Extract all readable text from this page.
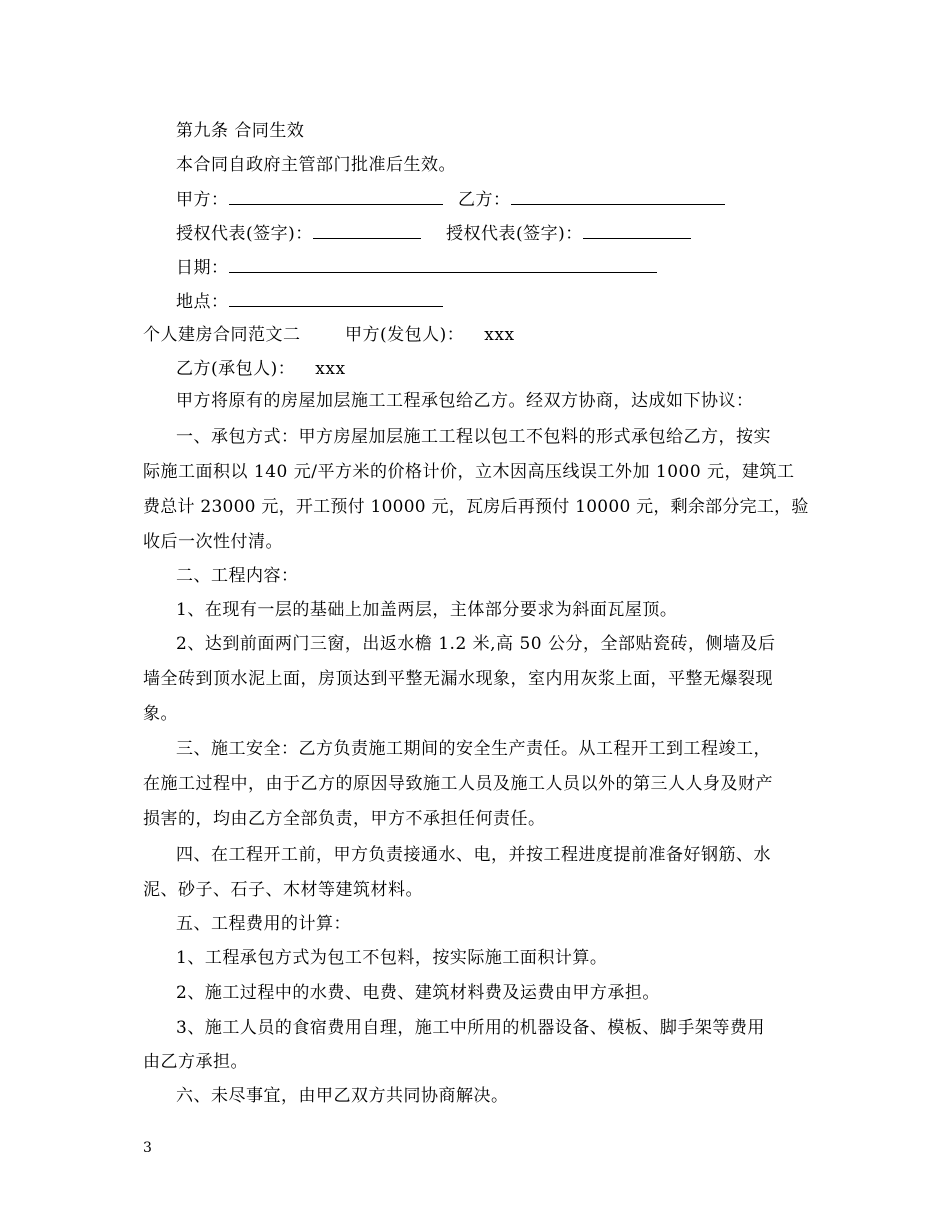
第九条 合同生效
本合同自政府主管部门批准后生效。
甲方：	乙方：
授权代表(签字)：	授权代表(签字)：
日期：
地点：
个人建房合同范文二	甲方(发包人)： xxx
乙方(承包人)： xxx
甲方将原有的房屋加层施工工程承包给乙方。经双方协商，达成如下协议：
一、承包方式：甲方房屋加层施工工程以包工不包料的形式承包给乙方，按实
际施工面积以 140 元/平方米的价格计价，立木因高压线误工外加 1000 元，建筑工
费总计 23000 元，开工预付 10000 元，瓦房后再预付 10000 元，剩余部分完工，验
收后一次性付清。
二、工程内容：
1、在现有一层的基础上加盖两层，主体部分要求为斜面瓦屋顶。
2、达到前面两门三窗，出返水檐 1.2 米,高 50 公分，全部贴瓷砖，侧墙及后
墙全砖到顶水泥上面，房顶达到平整无漏水现象，室内用灰浆上面，平整无爆裂现
象。
三、施工安全：乙方负责施工期间的安全生产责任。从工程开工到工程竣工，
在施工过程中，由于乙方的原因导致施工人员及施工人员以外的第三人人身及财产
损害的，均由乙方全部负责，甲方不承担任何责任。
四、在工程开工前，甲方负责接通水、电，并按工程进度提前准备好钢筋、水
泥、砂子、石子、木材等建筑材料。
五、工程费用的计算：
1、工程承包方式为包工不包料，按实际施工面积计算。
2、施工过程中的水费、电费、建筑材料费及运费由甲方承担。
3、施工人员的食宿费用自理，施工中所用的机器设备、模板、脚手架等费用
由乙方承担。
六、未尽事宜，由甲乙双方共同协商解决。
3
